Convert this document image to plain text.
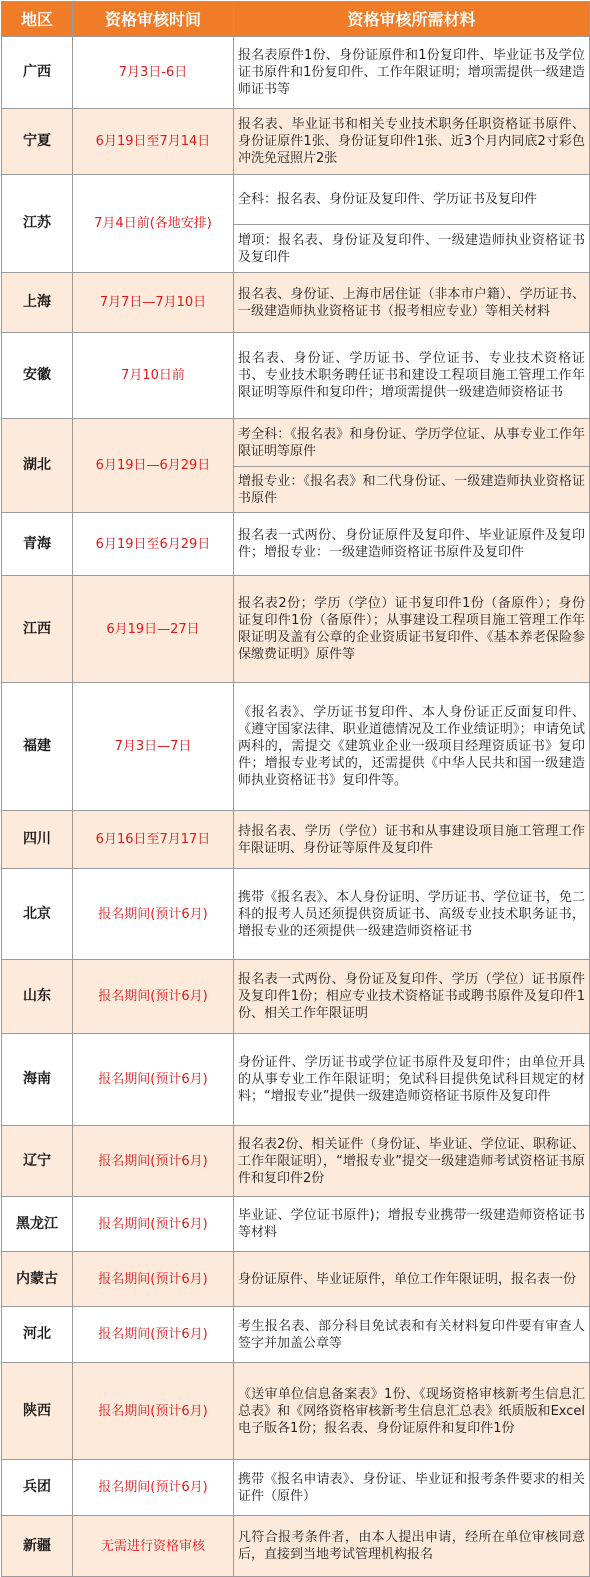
地区	资格审核时间	资格审核所需材料
广西	7月3日-6日	报名表原件1份、身份证原件和1份复印件、毕业证书及学位证书原件和1份复印件、工作年限证明；增项需提供一级建造师证书等
宁夏	6月19日至7月14日	报名表、毕业证书和相关专业技术职务任职资格证书原件、身份证原件1张、身份证复印件1张、近3个月内同底2寸彩色冲洗免冠照片2张
江苏	7月4日前(各地安排)	全科：报名表、身份证及复印件、学历证书及复印件
		增项：报名表、身份证及复印件、一级建造师执业资格证书及复印件
上海	7月7日—7月10日	报名表、身份证、上海市居住证（非本市户籍）、学历证书、一级建造师执业资格证书（报考相应专业）等相关材料
安徽	7月10日前	报名表、身份证、学历证书、学位证书、专业技术资格证书、专业技术职务聘任证书和建设工程项目施工管理工作年限证明等原件和复印件；增项需提供一级建造师资格证书
湖北	6月19日—6月29日	考全科：《报名表》和身份证、学历学位证、从事专业工作年限证明等原件
		增报专业：《报名表》和二代身份证、一级建造师执业资格证书原件
青海	6月19日至6月29日	报名表一式两份、身份证原件及复印件、毕业证原件及复印件；增报专业：一级建造师资格证书原件及复印件
江西	6月19日—27日	报名表2份；学历（学位）证书复印件1份（备原件）；身份证复印件1份（备原件）；从事建设工程项目施工管理工作年限证明及盖有公章的企业资质证书复印件、《基本养老保险参保缴费证明》原件等
福建	7月3日—7日	《报名表》、学历证书复印件、本人身份证正反面复印件、《遵守国家法律、职业道德情况及工作业绩证明》；申请免试两科的，需提交《建筑业企业一级项目经理资质证书》复印件；增报专业考试的，还需提供《中华人民共和国一级建造师执业资格证书》复印件等。
四川	6月16日至7月17日	持报名表、学历（学位）证书和从事建设项目施工管理工作年限证明、身份证等原件及复印件
北京	报名期间(预计6月)	携带《报名表》、本人身份证明、学历证书、学位证书，免二科的报考人员还须提供资质证书、高级专业技术职务证书，增报专业的还须提供一级建造师资格证书
山东	报名期间(预计6月)	报名表一式两份、身份证及复印件、学历（学位）证书原件及复印件1份；相应专业技术资格证书或聘书原件及复印件1份、相关工作年限证明
海南	报名期间(预计6月)	身份证件、学历证书或学位证书原件及复印件；由单位开具的从事专业工作年限证明；免试科目提供免试科目规定的材料；“增报专业”提供一级建造师资格证书原件及复印件
辽宁	报名期间(预计6月)	报名表2份、相关证件（身份证、毕业证、学位证、职称证、工作年限证明），“增报专业”提交一级建造师考试资格证书原件和复印件2份
黑龙江	报名期间(预计6月)	毕业证、学位证书原件)；增报专业携带一级建造师资格证书等材料
内蒙古	报名期间(预计6月)	身份证原件、毕业证原件，单位工作年限证明，报名表一份
河北	报名期间(预计6月)	考生报名表、部分科目免试表和有关材料复印件要有审查人签字并加盖公章等
陕西	报名期间(预计6月)	《送审单位信息备案表》1份、《现场资格审核新考生信息汇总表》和《网络资格审核新考生信息汇总表》纸质版和Excel电子版各1份；报名表、身份证原件和复印件1份
兵团	报名期间(预计6月)	携带《报名申请表》、身份证、毕业证和报考条件要求的相关证件（原件）
新疆	无需进行资格审核	凡符合报考条件者，由本人提出申请，经所在单位审核同意后，直接到当地考试管理机构报名
